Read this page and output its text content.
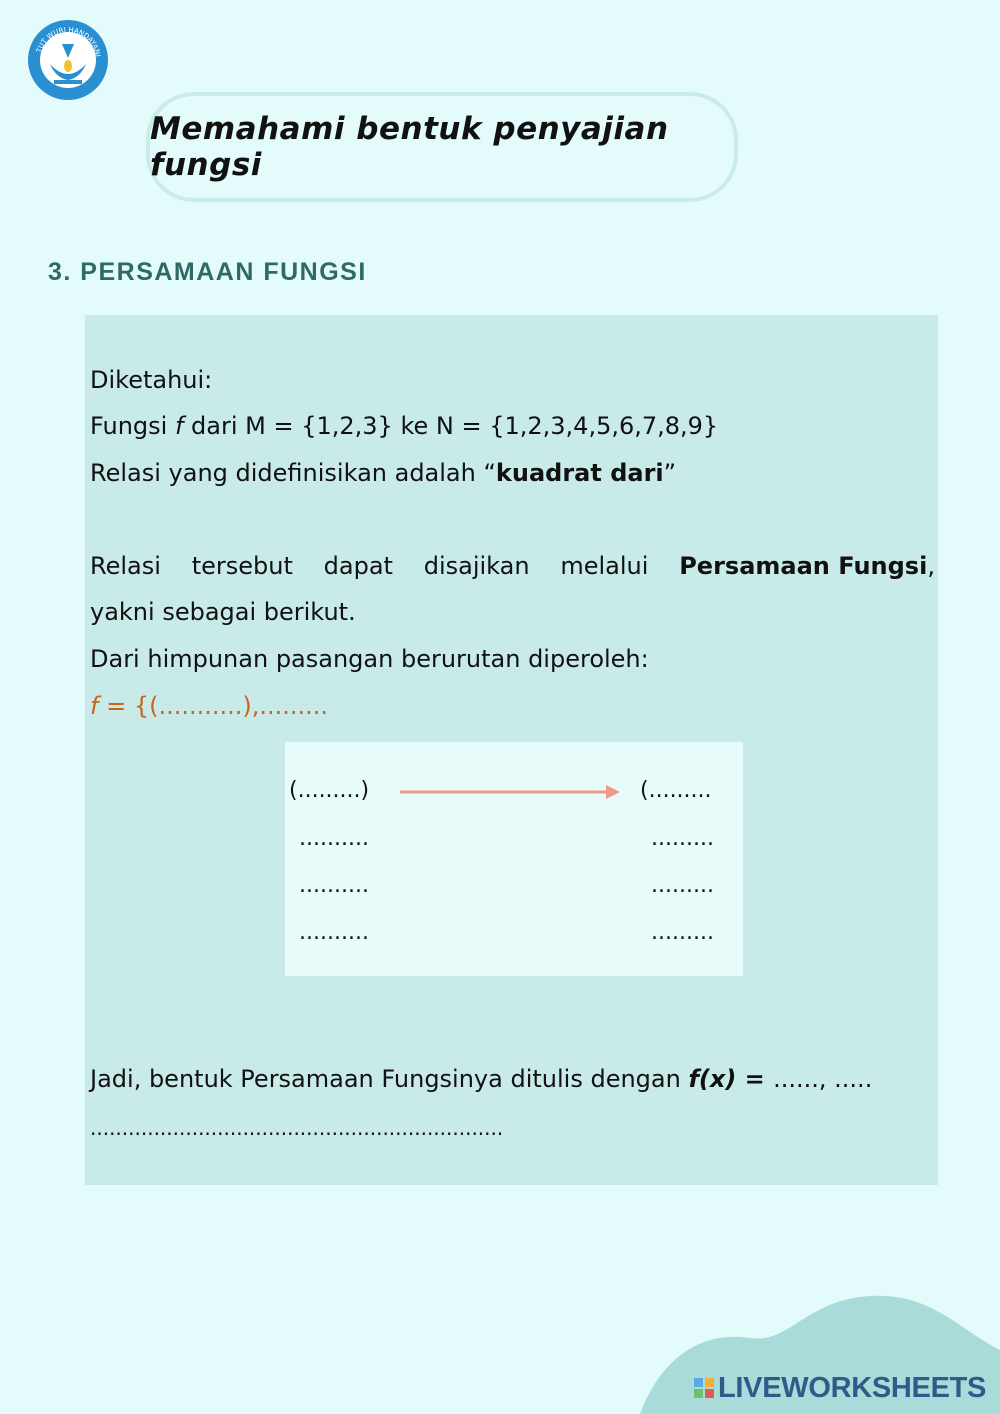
TUT WURI HANDAYANI
Memahami bentuk penyajian fungsi
3. PERSAMAAN FUNGSI
Diketahui:
Fungsi f dari M = {1,2,3} ke N = {1,2,3,4,5,6,7,8,9}
Relasi yang didefinisikan adalah “kuadrat dari”
Relasi tersebut dapat disajikan melalui Persamaan Fungsi,
yakni sebagai berikut.
Dari himpunan pasangan berurutan diperoleh:
f = {(...........),.........
(.........)
..........
..........
..........
(.........
.........
.........
.........
Jadi, bentuk Persamaan Fungsinya ditulis dengan f(x) = ......, .....
.................................................................
LIVEWORKSHEETS
